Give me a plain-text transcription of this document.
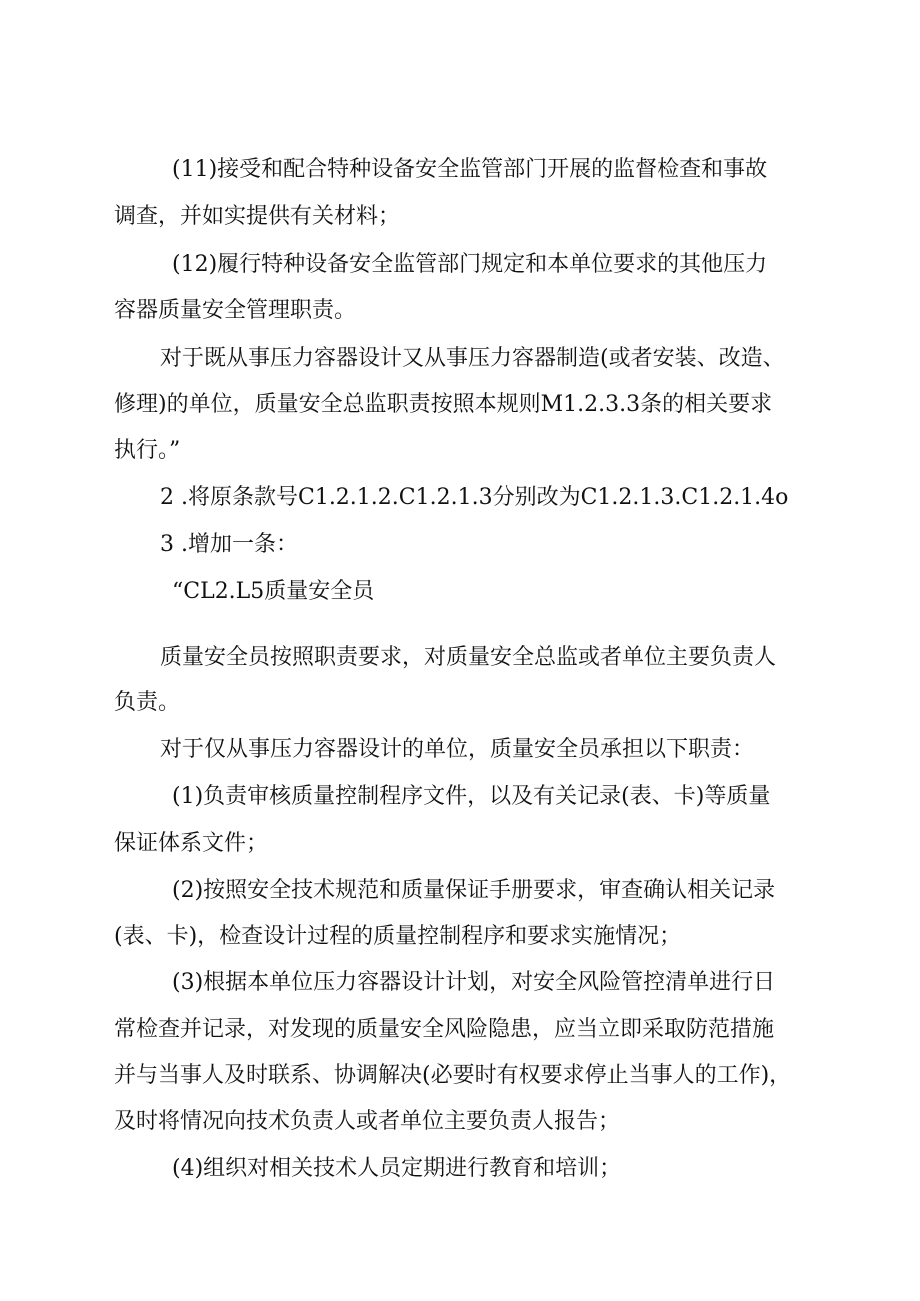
(11)接受和配合特种设备安全监管部门开展的监督检查和事故
调查，并如实提供有关材料；
(12)履行特种设备安全监管部门规定和本单位要求的其他压力
容器质量安全管理职责。
对于既从事压力容器设计又从事压力容器制造(或者安装、改造、
修理)的单位，质量安全总监职责按照本规则M1.2.3.3条的相关要求
执行。”
2 .将原条款号C1.2.1.2.C1.2.1.3分别改为C1.2.1.3.C1.2.1.4o
3 .增加一条：
“CL2.L5质量安全员
质量安全员按照职责要求，对质量安全总监或者单位主要负责人
负责。
对于仅从事压力容器设计的单位，质量安全员承担以下职责：
(1)负责审核质量控制程序文件，以及有关记录(表、卡)等质量
保证体系文件；
(2)按照安全技术规范和质量保证手册要求，审查确认相关记录
(表、卡)，检查设计过程的质量控制程序和要求实施情况；
(3)根据本单位压力容器设计计划，对安全风险管控清单进行日
常检查并记录，对发现的质量安全风险隐患，应当立即采取防范措施
并与当事人及时联系、协调解决(必要时有权要求停止当事人的工作)，
及时将情况向技术负责人或者单位主要负责人报告；
(4)组织对相关技术人员定期进行教育和培训；
